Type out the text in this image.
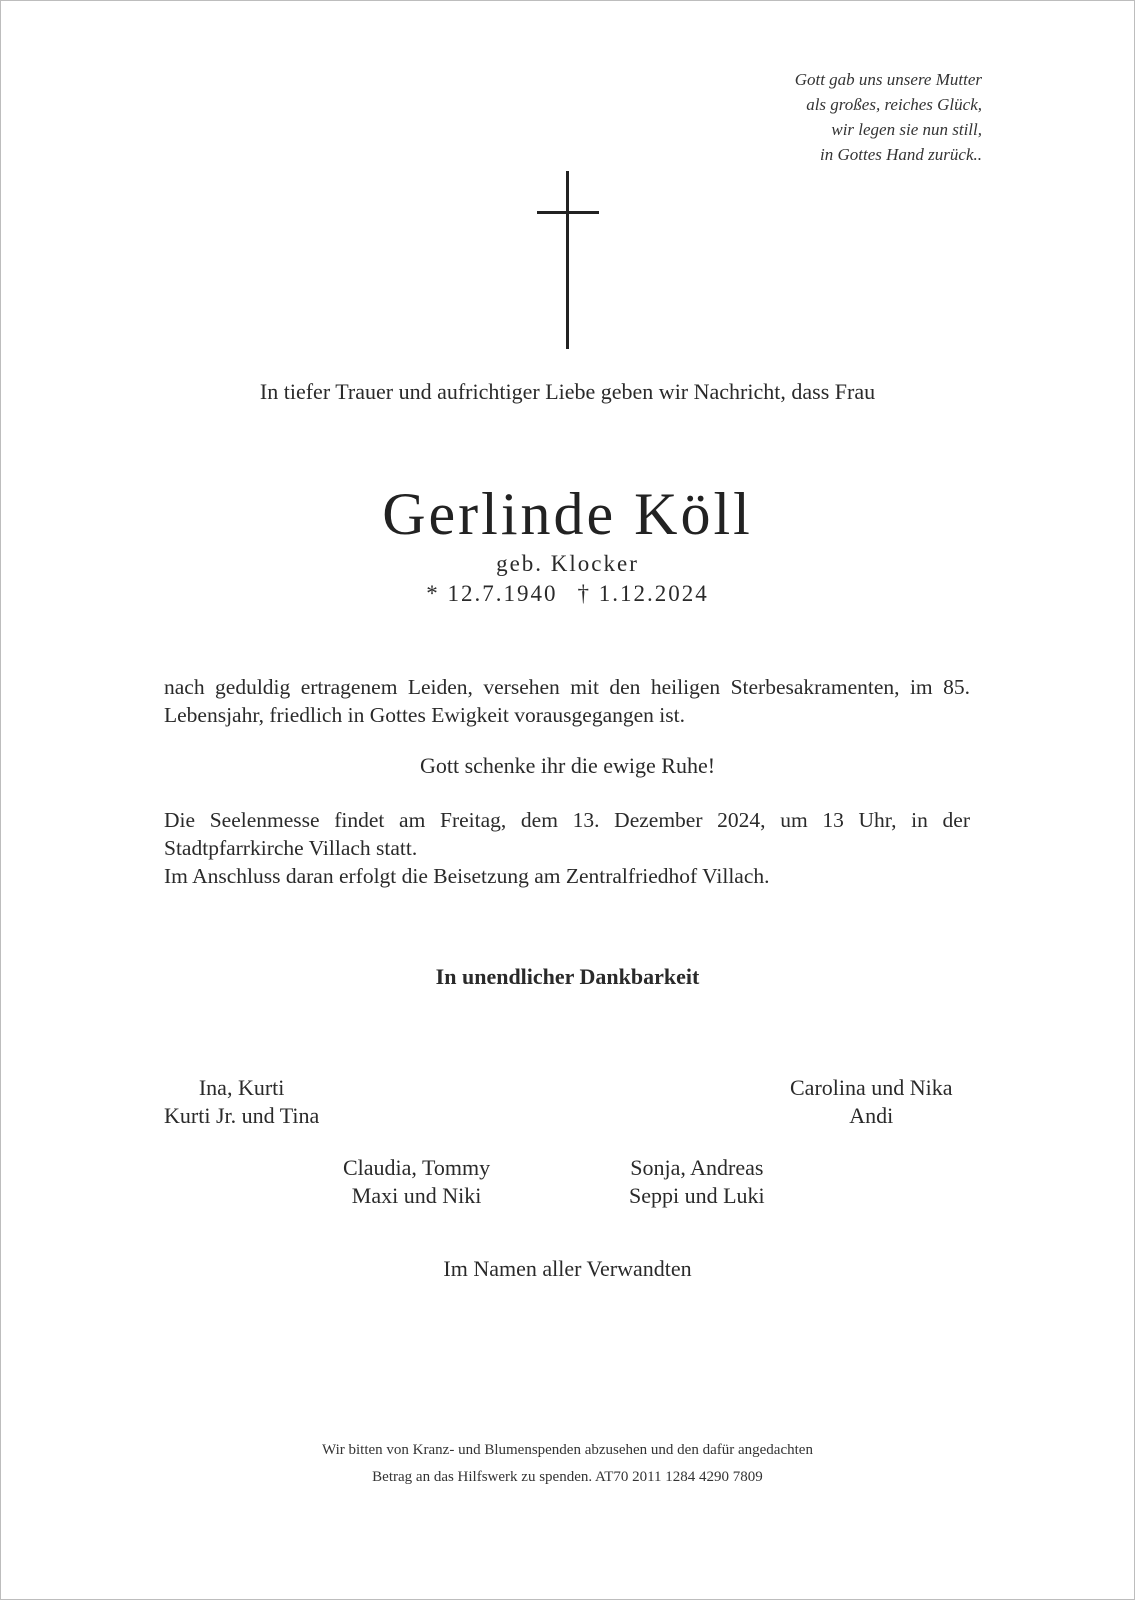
Gott gab uns unsere Mutter
als großes, reiches Glück,
wir legen sie nun still,
in Gottes Hand zurück..
In tiefer Trauer und aufrichtiger Liebe geben wir Nachricht, dass Frau
Gerlinde Köll
geb. Klocker
* 12.7.1940 † 1.12.2024
nach geduldig ertragenem Leiden, versehen mit den heiligen Sterbesakramenten, im 85. Lebensjahr, friedlich in Gottes Ewigkeit vorausgegangen ist.
Gott schenke ihr die ewige Ruhe!
Die Seelenmesse findet am Freitag, dem 13. Dezember 2024, um 13 Uhr, in der Stadtpfarrkirche Villach statt.
Im Anschluss daran erfolgt die Beisetzung am Zentralfriedhof Villach.
In unendlicher Dankbarkeit
Ina, Kurti
Kurti Jr. und Tina
Carolina und Nika
Andi
Claudia, Tommy
Maxi und Niki
Sonja, Andreas
Seppi und Luki
Im Namen aller Verwandten
Wir bitten von Kranz- und Blumenspenden abzusehen und den dafür angedachten
Betrag an das Hilfswerk zu spenden. AT70 2011 1284 4290 7809
